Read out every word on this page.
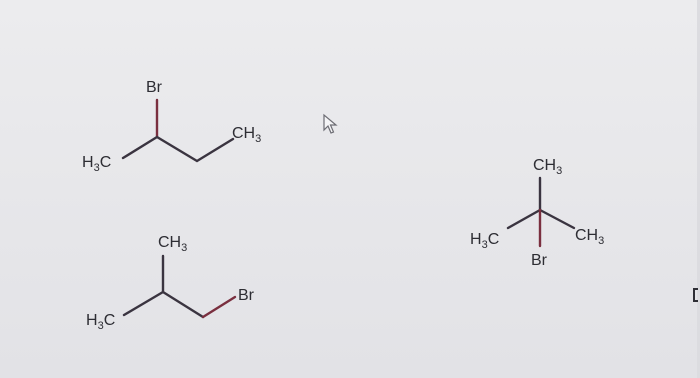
Br
$H_3C$
$CH_3$
$CH_3$
$H_3C$
Br
$CH_3$
$H_3C$	$CH_3$
Br
